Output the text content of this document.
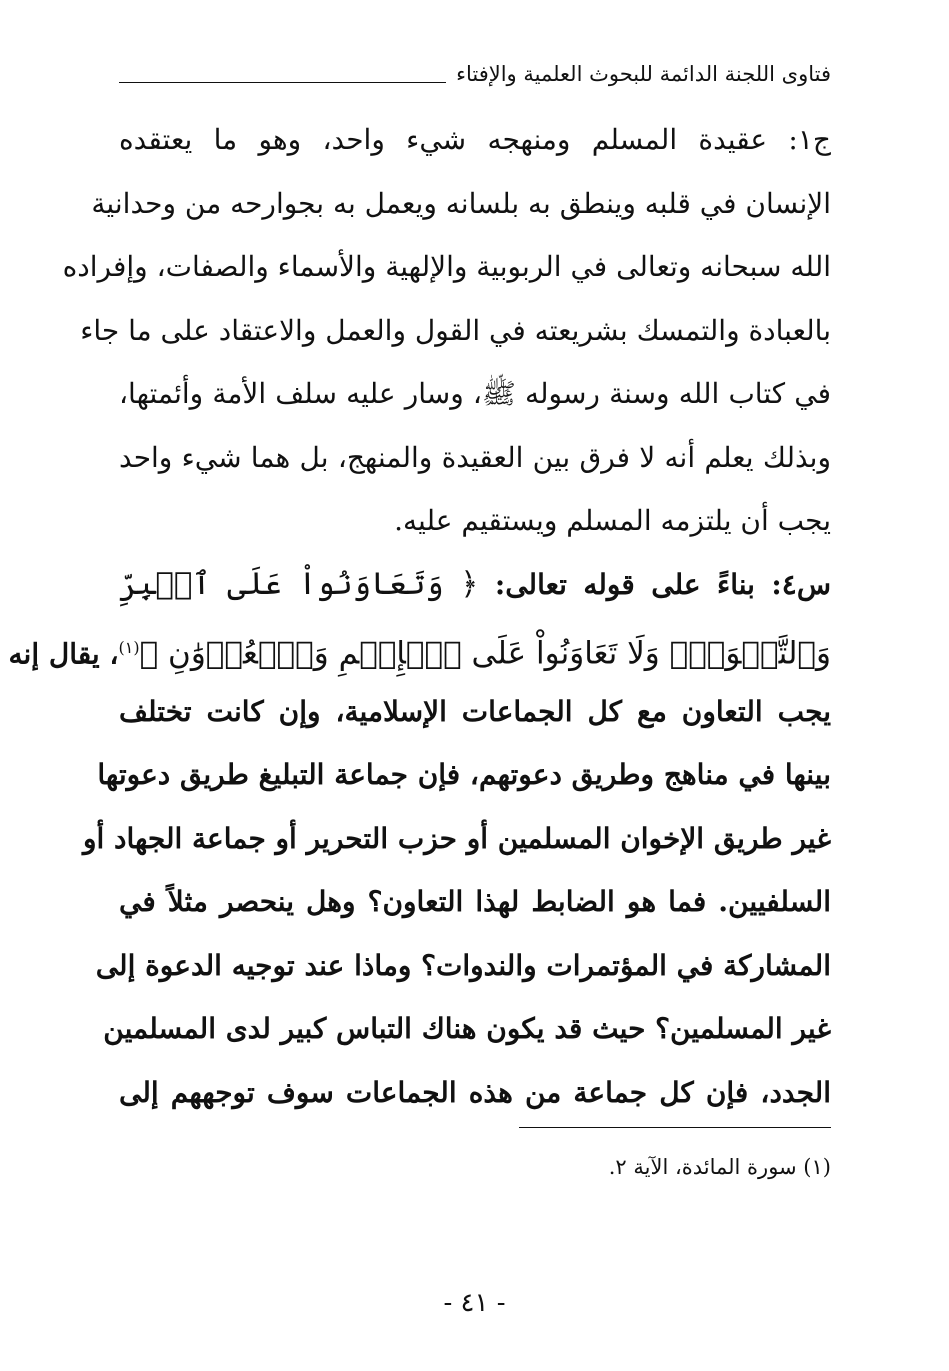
فتاوى اللجنة الدائمة للبحوث العلمية والإفتاء
ج١: عقيدة المسلم ومنهجه شيء واحد، وهو ما يعتقده
الإنسان في قلبه وينطق به بلسانه ويعمل به بجوارحه من وحدانية
الله سبحانه وتعالى في الربوبية والإلهية والأسماء والصفات، وإفراده
بالعبادة والتمسك بشريعته في القول والعمل والاعتقاد على ما جاء
في كتاب الله وسنة رسوله ﷺ، وسار عليه سلف الأمة وأئمتها،
وبذلك يعلم أنه لا فرق بين العقيدة والمنهج، بل هما شيء واحد
يجب أن يلتزمه المسلم ويستقيم عليه.
س٤: بناءً على قوله تعالى: ﴿ وَتَعَاوَنُواْ عَلَى ٱلۡبِرِّ
وَٱلتَّقۡوَىٰۖ وَلَا تَعَاوَنُواْ عَلَى ٱلۡإِثۡمِ وَٱلۡعُدۡوَٰنِ ﴾$^{(١)}$، يقال إنه
يجب التعاون مع كل الجماعات الإسلامية، وإن كانت تختلف
بينها في مناهج وطريق دعوتهم، فإن جماعة التبليغ طريق دعوتها
غير طريق الإخوان المسلمين أو حزب التحرير أو جماعة الجهاد أو
السلفيين. فما هو الضابط لهذا التعاون؟ وهل ينحصر مثلاً في
المشاركة في المؤتمرات والندوات؟ وماذا عند توجيه الدعوة إلى
غير المسلمين؟ حيث قد يكون هناك التباس كبير لدى المسلمين
الجدد، فإن كل جماعة من هذه الجماعات سوف توجههم إلى
(١) سورة المائدة، الآية ٢.
- ٤١ -
